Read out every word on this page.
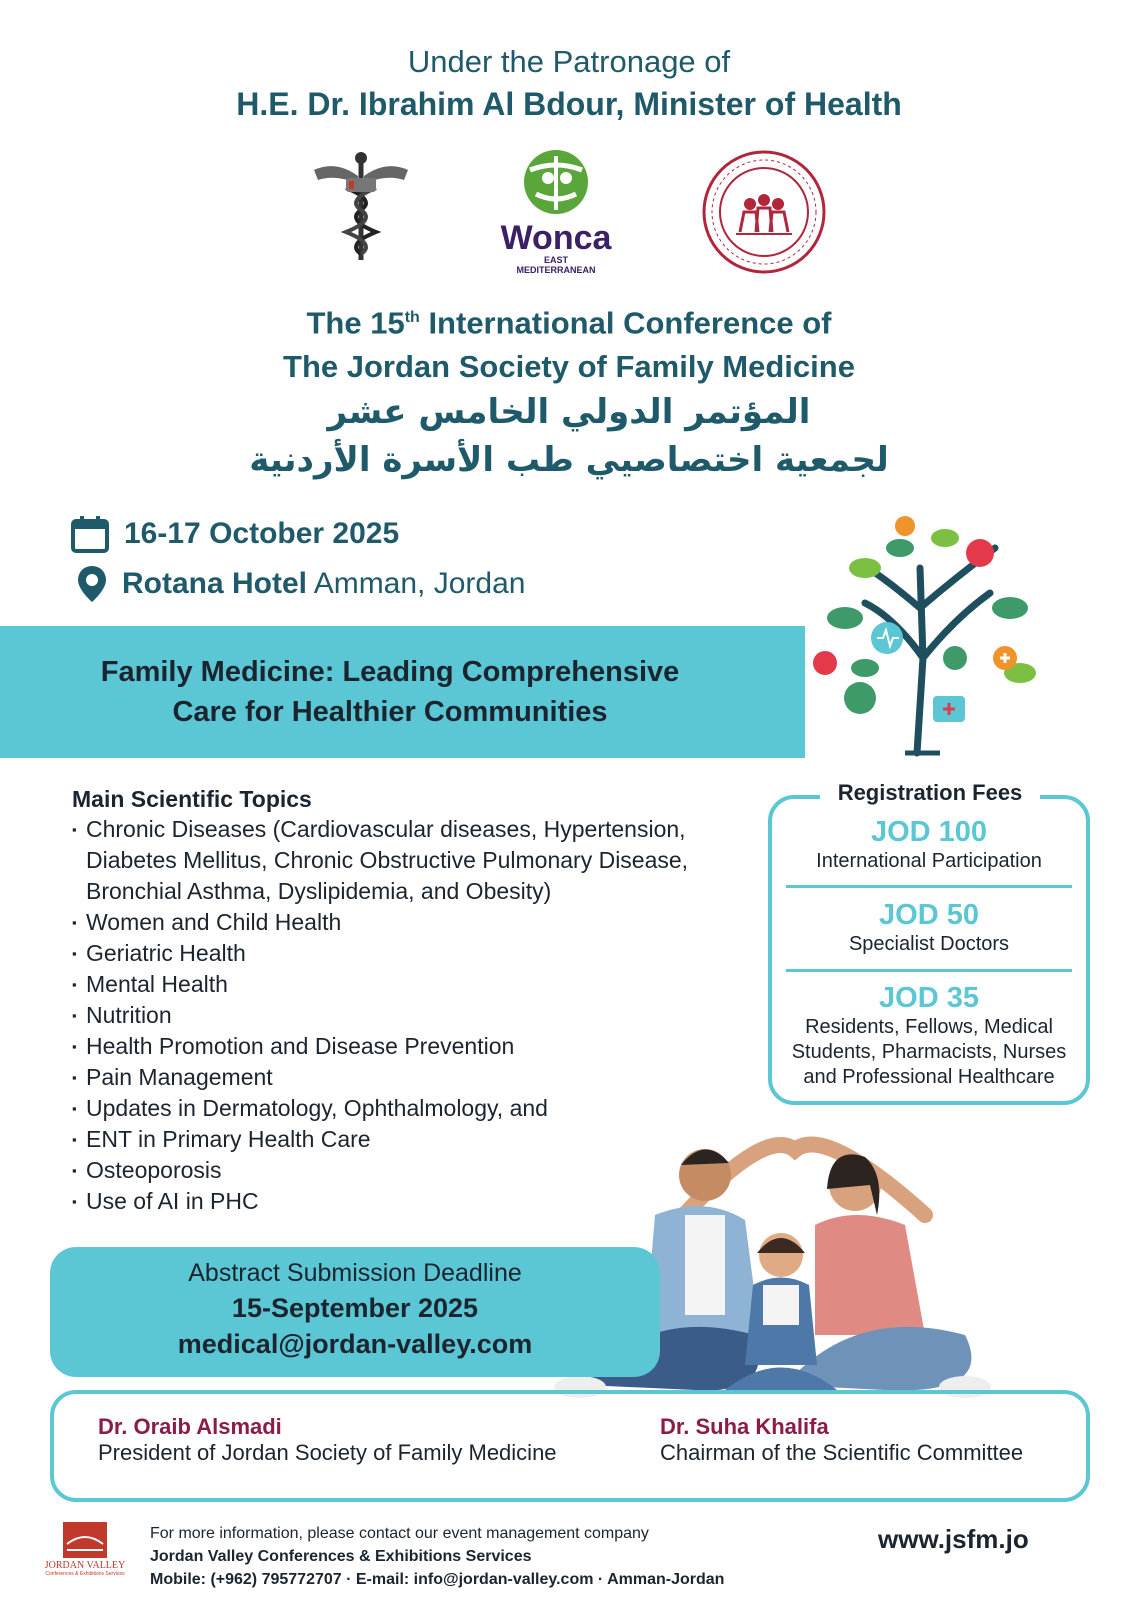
Under the Patronage of
H.E. Dr. Ibrahim Al Bdour, Minister of Health
Wonca
EAST
MEDITERRANEAN
The 15th International Conference of
The Jordan Society of Family Medicine
المؤتمر الدولي الخامس عشر
لجمعية اختصاصيي طب الأسرة الأردنية
16-17 October 2025
Rotana Hotel Amman, Jordan
Family Medicine: Leading Comprehensive
Care for Healthier Communities
Main Scientific Topics
▪ Chronic Diseases (Cardiovascular diseases, Hypertension, Diabetes Mellitus, Chronic Obstructive Pulmonary Disease, Bronchial Asthma, Dyslipidemia, and Obesity)
▪ Women and Child Health
▪ Geriatric Health
▪ Mental Health
▪ Nutrition
▪ Health Promotion and Disease Prevention
▪ Pain Management
▪ Updates in Dermatology, Ophthalmology, and
▪ ENT in Primary Health Care
▪ Osteoporosis
▪ Use of AI in PHC
Registration Fees
JOD 100
International Participation
JOD 50
Specialist Doctors
JOD 35
Residents, Fellows, Medical Students, Pharmacists, Nurses and Professional Healthcare
Abstract Submission Deadline
15-September 2025
medical@jordan-valley.com
Dr. Oraib Alsmadi
President of Jordan Society of Family Medicine
Dr. Suha Khalifa
Chairman of the Scientific Committee
JORDAN VALLEY
Conferences & Exhibitions Services
For more information, please contact our event management company
Jordan Valley Conferences & Exhibitions Services
Mobile: (+962) 795772707 · E-mail: info@jordan-valley.com · Amman-Jordan
www.jsfm.jo
